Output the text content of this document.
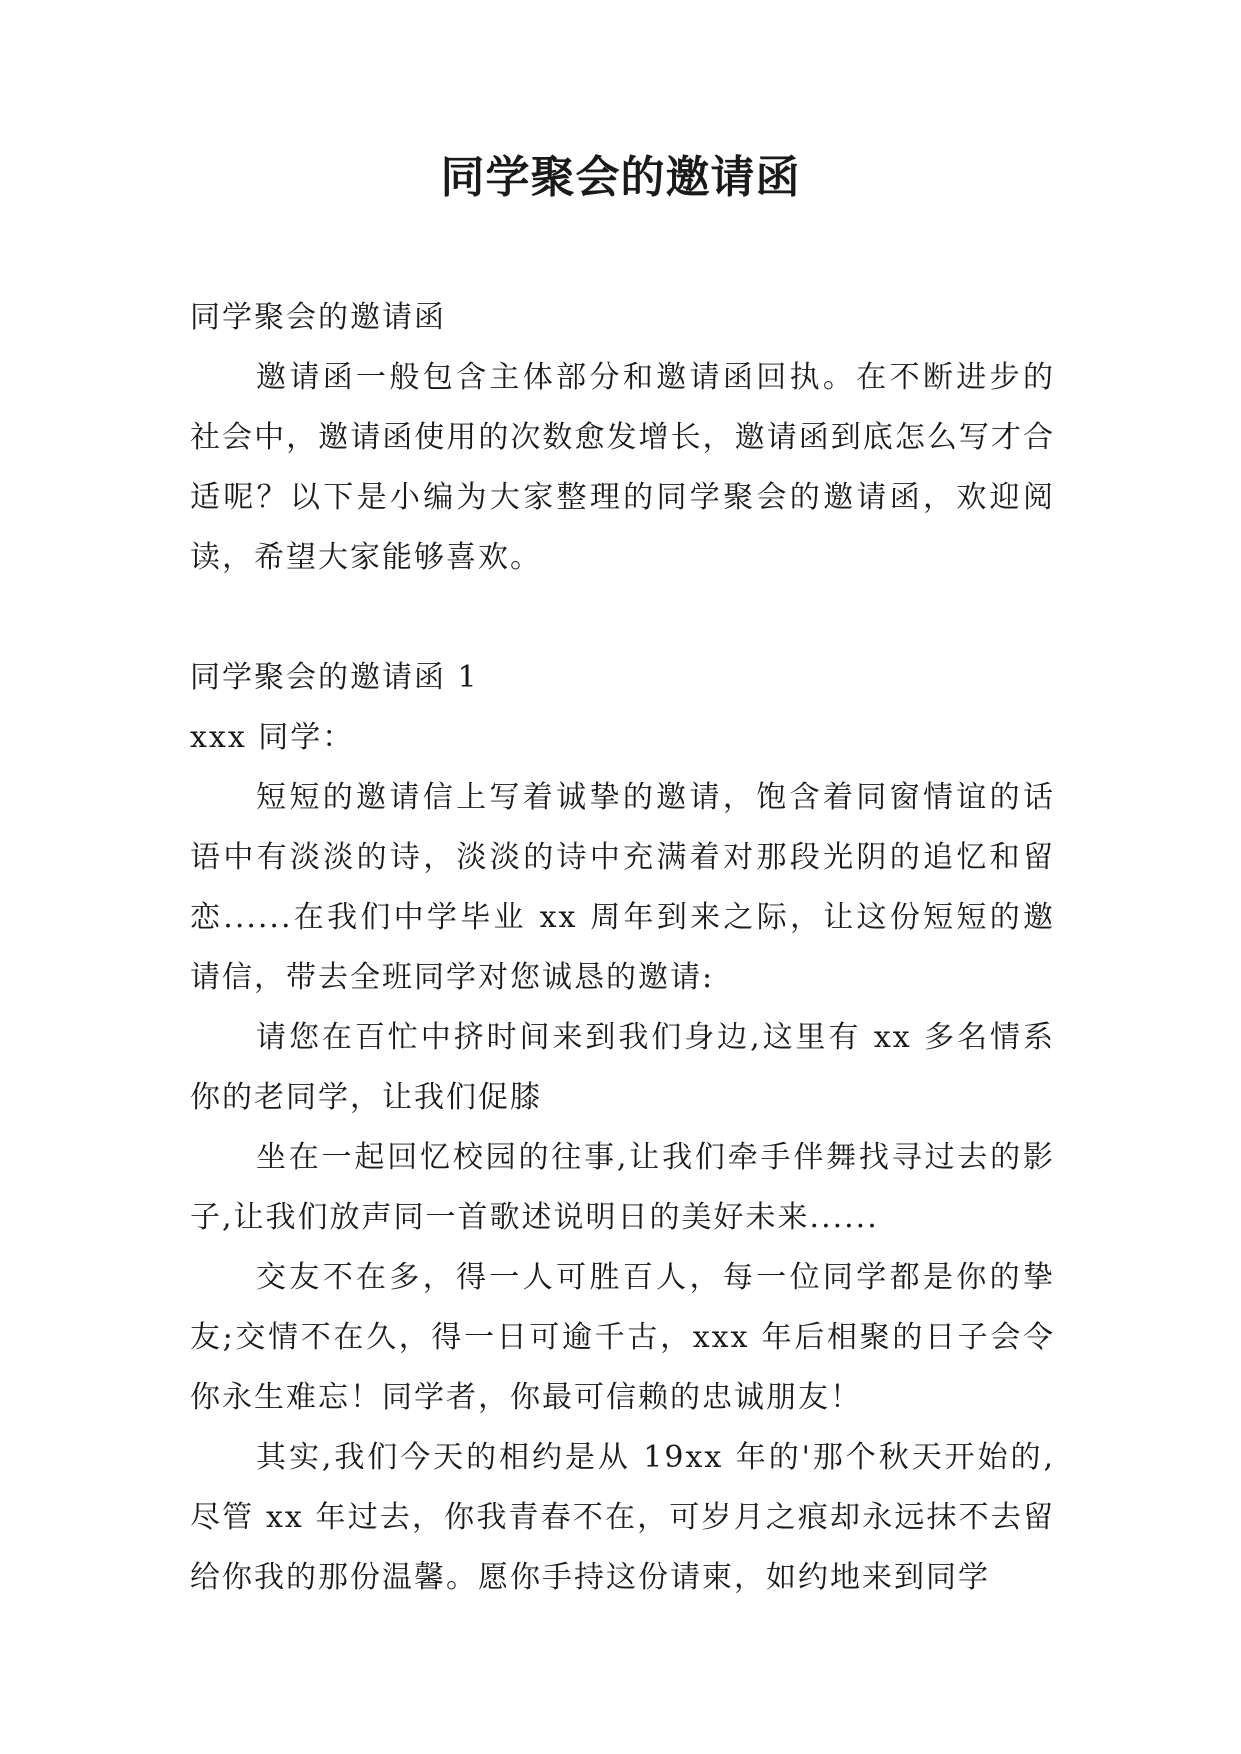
同学聚会的邀请函

同学聚会的邀请函

邀请函一般包含主体部分和邀请函回执。在不断进步的社会中，邀请函使用的次数愈发增长，邀请函到底怎么写才合适呢？以下是小编为大家整理的同学聚会的邀请函，欢迎阅读，希望大家能够喜欢。

同学聚会的邀请函 1

xxx 同学：

短短的邀请信上写着诚挚的邀请，饱含着同窗情谊的话语中有淡淡的诗，淡淡的诗中充满着对那段光阴的追忆和留恋......在我们中学毕业 xx 周年到来之际，让这份短短的邀请信，带去全班同学对您诚恳的邀请:

请您在百忙中挤时间来到我们身边,这里有 xx 多名情系你的老同学，让我们促膝

坐在一起回忆校园的往事,让我们牵手伴舞找寻过去的影子,让我们放声同一首歌述说明日的美好未来......

交友不在多，得一人可胜百人，每一位同学都是你的挚友;交情不在久，得一日可逾千古，xxx 年后相聚的日子会令你永生难忘！同学者，你最可信赖的忠诚朋友！

其实,我们今天的相约是从 19xx 年的'那个秋天开始的,尽管 xx 年过去，你我青春不在，可岁月之痕却永远抹不去留给你我的那份温馨。愿你手持这份请柬，如约地来到同学
